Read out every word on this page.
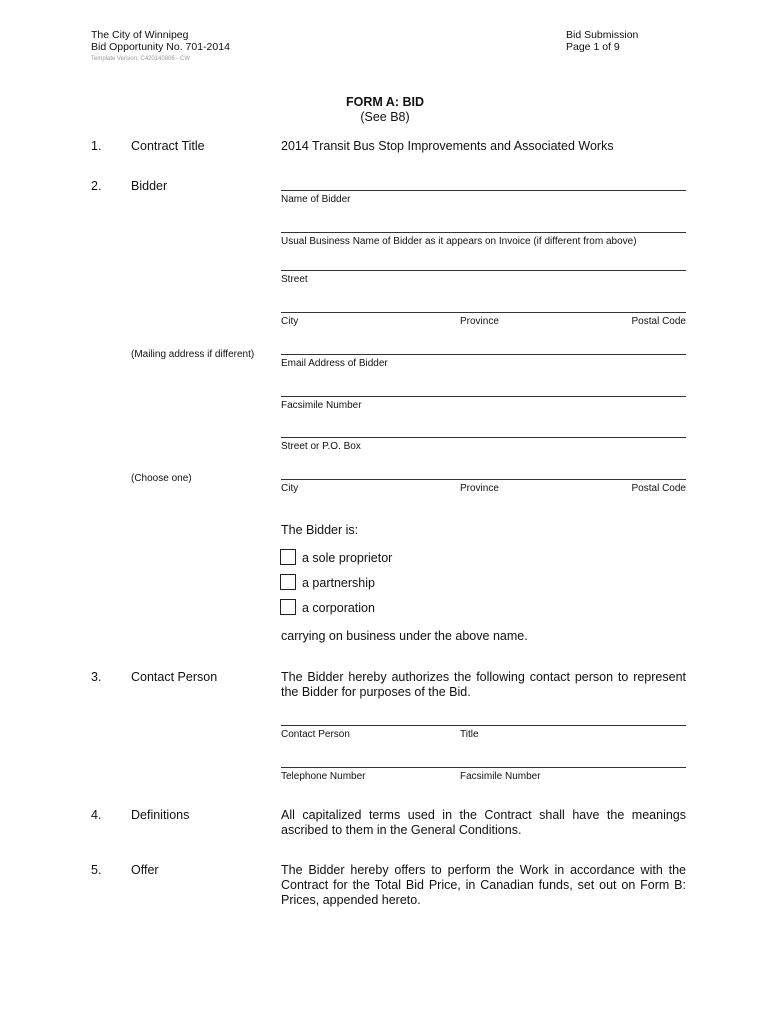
The City of Winnipeg
Bid Opportunity No. 701-2014
Bid Submission
Page 1 of 9
Template Version: C420140806 - CW
FORM A: BID
(See B8)
1. Contract Title	2014 Transit Bus Stop Improvements and Associated Works
2. Bidder
Name of Bidder
Usual Business Name of Bidder as it appears on Invoice (if different from above)
Street
City	Province	Postal Code
(Mailing address if different)
Email Address of Bidder
Facsimile Number
Street or P.O. Box
(Choose one)
City	Province	Postal Code
The Bidder is:
a sole proprietor
a partnership
a corporation
carrying on business under the above name.
3. Contact Person	The Bidder hereby authorizes the following contact person to represent the Bidder for purposes of the Bid.
Contact Person	Title
Telephone Number	Facsimile Number
4. Definitions	All capitalized terms used in the Contract shall have the meanings ascribed to them in the General Conditions.
5. Offer	The Bidder hereby offers to perform the Work in accordance with the Contract for the Total Bid Price, in Canadian funds, set out on Form B: Prices, appended hereto.
